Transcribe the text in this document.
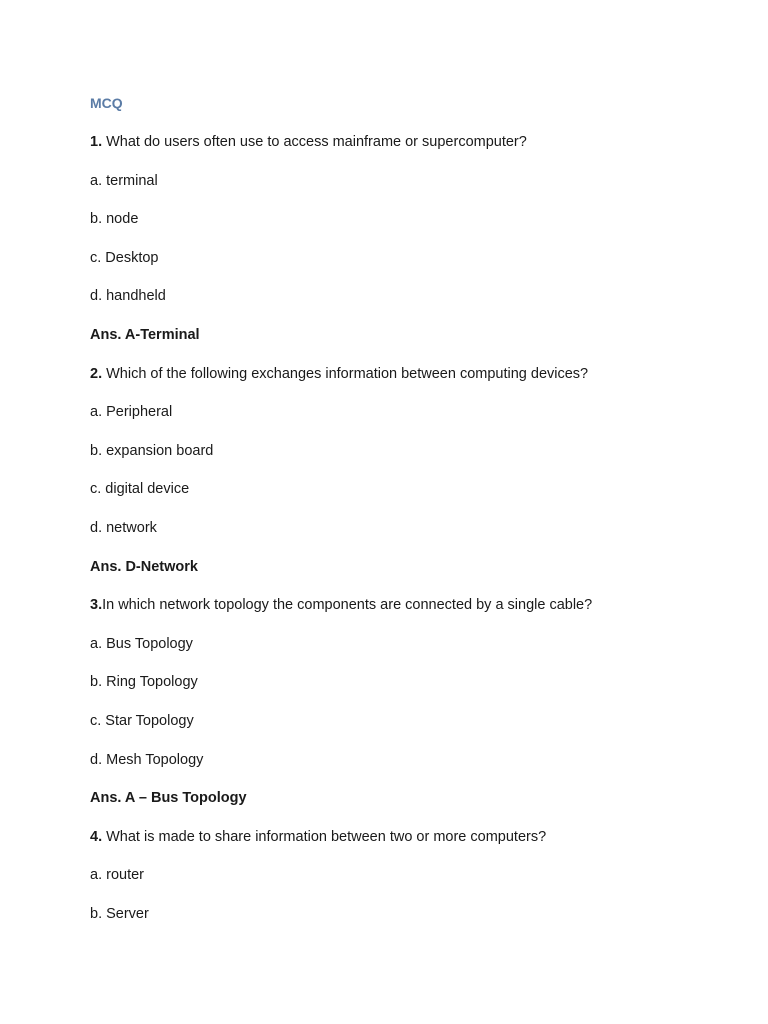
MCQ
1. What do users often use to access mainframe or supercomputer?
a. terminal
b. node
c. Desktop
d. handheld
Ans. A-Terminal
2. Which of the following exchanges information between computing devices?
a. Peripheral
b. expansion board
c. digital device
d. network
Ans. D-Network
3.In which network topology the components are connected by a single cable?
a. Bus Topology
b. Ring Topology
c. Star Topology
d. Mesh Topology
Ans. A – Bus Topology
4. What is made to share information between two or more computers?
a. router
b. Server
